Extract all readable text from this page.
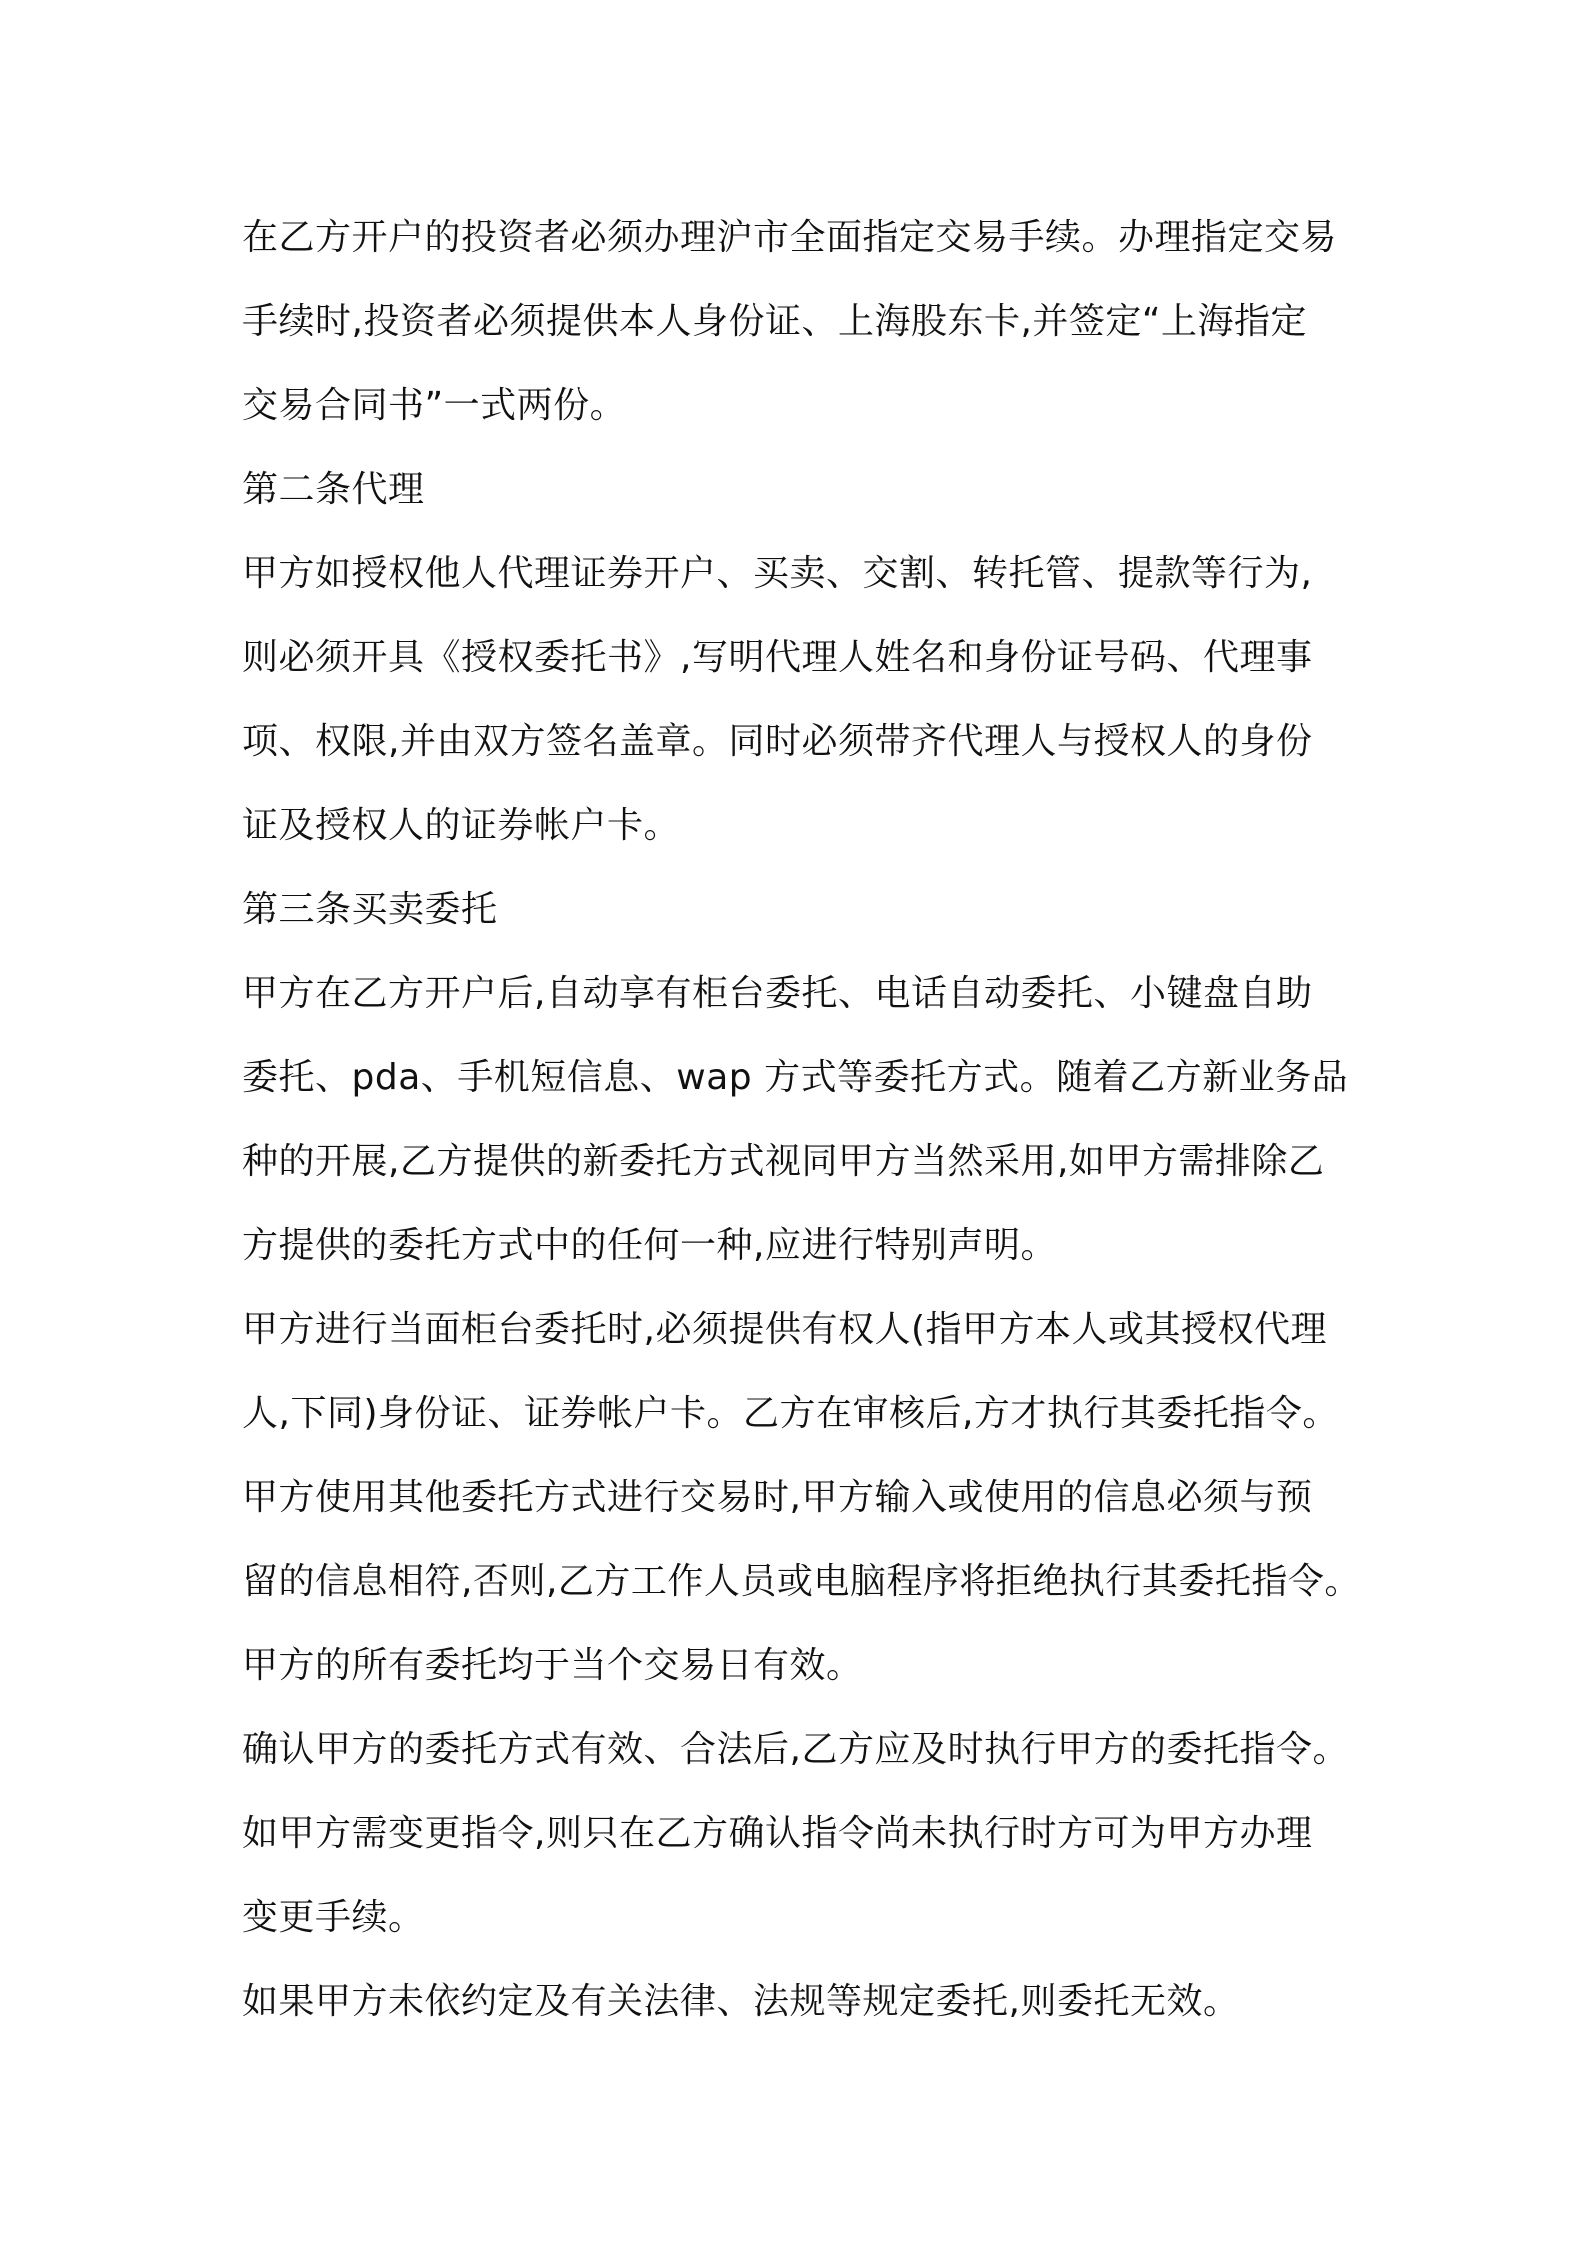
在乙方开户的投资者必须办理沪市全面指定交易手续。办理指定交易
手续时,投资者必须提供本人身份证、上海股东卡,并签定“上海指定
交易合同书”一式两份。
第二条代理
甲方如授权他人代理证券开户、买卖、交割、转托管、提款等行为,
则必须开具《授权委托书》,写明代理人姓名和身份证号码、代理事
项、权限,并由双方签名盖章。同时必须带齐代理人与授权人的身份
证及授权人的证券帐户卡。
第三条买卖委托
甲方在乙方开户后,自动享有柜台委托、电话自动委托、小键盘自助
委托、pda、手机短信息、wap 方式等委托方式。随着乙方新业务品
种的开展,乙方提供的新委托方式视同甲方当然采用,如甲方需排除乙
方提供的委托方式中的任何一种,应进行特别声明。
甲方进行当面柜台委托时,必须提供有权人(指甲方本人或其授权代理
人,下同)身份证、证券帐户卡。乙方在审核后,方才执行其委托指令。
甲方使用其他委托方式进行交易时,甲方输入或使用的信息必须与预
留的信息相符,否则,乙方工作人员或电脑程序将拒绝执行其委托指令。
甲方的所有委托均于当个交易日有效。
确认甲方的委托方式有效、合法后,乙方应及时执行甲方的委托指令。
如甲方需变更指令,则只在乙方确认指令尚未执行时方可为甲方办理
变更手续。
如果甲方未依约定及有关法律、法规等规定委托,则委托无效。
